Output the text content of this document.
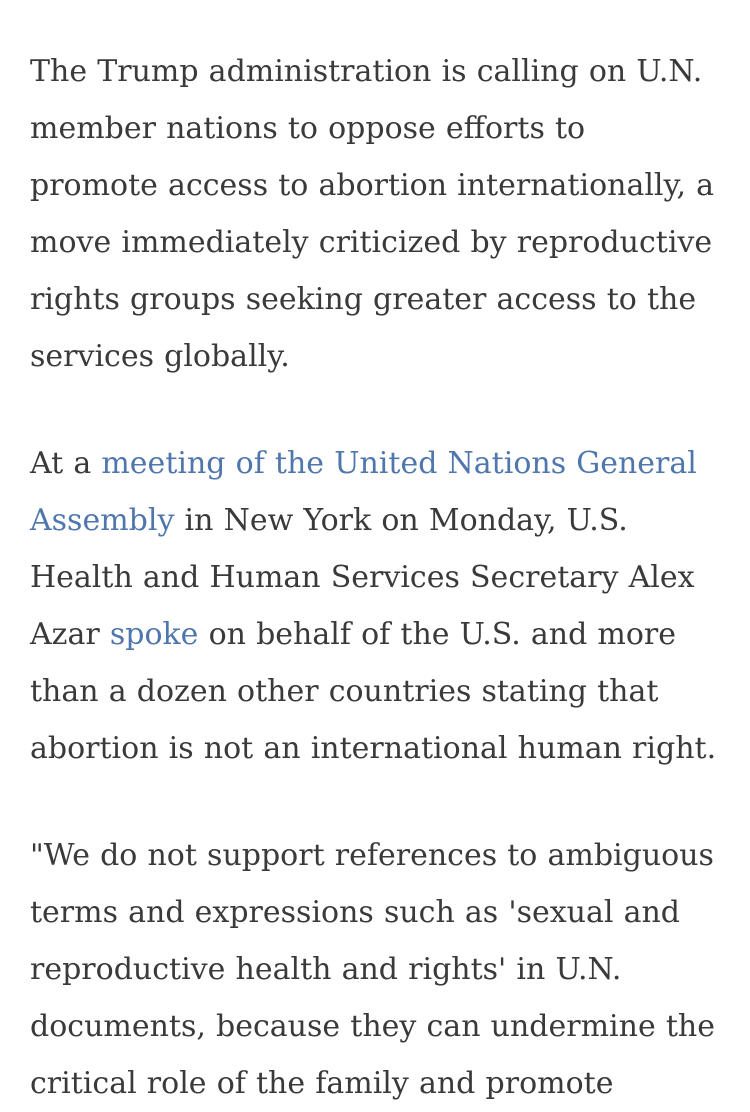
The Trump administration is calling on U.N. member nations to oppose efforts to promote access to abortion internationally, a move immediately criticized by reproductive rights groups seeking greater access to the services globally.

At a meeting of the United Nations General Assembly in New York on Monday, U.S. Health and Human Services Secretary Alex Azar spoke on behalf of the U.S. and more than a dozen other countries stating that abortion is not an international human right.

"We do not support references to ambiguous terms and expressions such as 'sexual and reproductive health and rights' in U.N. documents, because they can undermine the critical role of the family and promote
